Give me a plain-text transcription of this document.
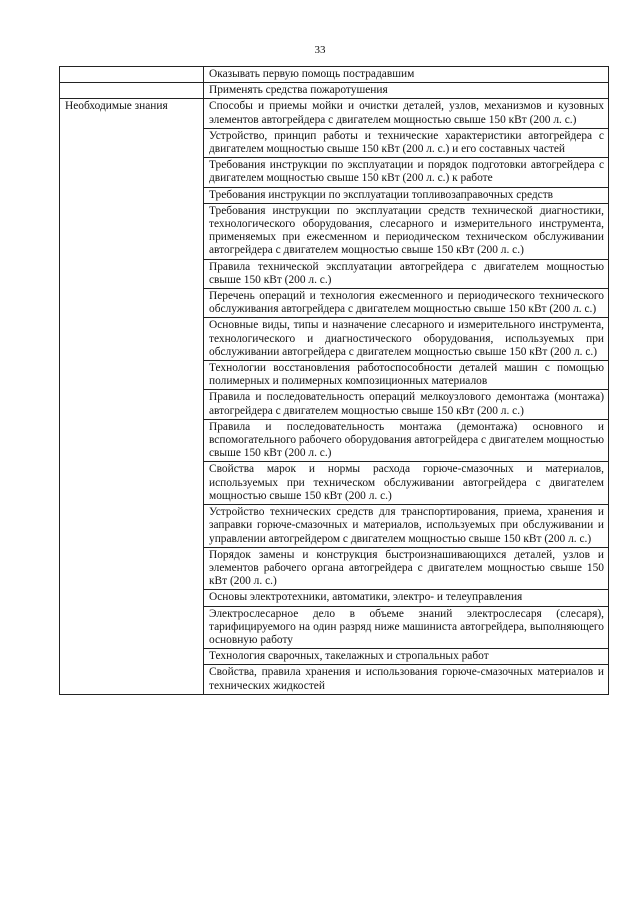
33
	Оказывать первую помощь пострадавшим
	Применять средства пожаротушения
Необходимые знания	Способы и приемы мойки и очистки деталей, узлов, механизмов и кузовных элементов автогрейдера с двигателем мощностью свыше 150 кВт (200 л. с.)
	Устройство, принцип работы и технические характеристики автогрейдера с двигателем мощностью свыше 150 кВт (200 л. с.) и его составных частей
	Требования инструкции по эксплуатации и порядок подготовки автогрейдера с двигателем мощностью свыше 150 кВт (200 л. с.) к работе
	Требования инструкции по эксплуатации топливозаправочных средств
	Требования инструкции по эксплуатации средств технической диагностики, технологического оборудования, слесарного и измерительного инструмента, применяемых при ежесменном и периодическом техническом обслуживании автогрейдера с двигателем мощностью свыше 150 кВт (200 л. с.)
	Правила технической эксплуатации автогрейдера с двигателем мощностью свыше 150 кВт (200 л. с.)
	Перечень операций и технология ежесменного и периодического технического обслуживания автогрейдера с двигателем мощностью свыше 150 кВт (200 л. с.)
	Основные виды, типы и назначение слесарного и измерительного инструмента, технологического и диагностического оборудования, используемых при обслуживании автогрейдера с двигателем мощностью свыше 150 кВт (200 л. с.)
	Технологии восстановления работоспособности деталей машин с помощью полимерных и полимерных композиционных материалов
	Правила и последовательность операций мелкоузлового демонтажа (монтажа) автогрейдера с двигателем мощностью свыше 150 кВт (200 л. с.)
	Правила и последовательность монтажа (демонтажа) основного и вспомогательного рабочего оборудования автогрейдера с двигателем мощностью свыше 150 кВт (200 л. с.)
	Свойства марок и нормы расхода горюче-смазочных и материалов, используемых при техническом обслуживании автогрейдера с двигателем мощностью свыше 150 кВт (200 л. с.)
	Устройство технических средств для транспортирования, приема, хранения и заправки горюче-смазочных и материалов, используемых при обслуживании и управлении автогрейдером с двигателем мощностью свыше 150 кВт (200 л. с.)
	Порядок замены и конструкция быстроизнашивающихся деталей, узлов и элементов рабочего органа автогрейдера с двигателем мощностью свыше 150 кВт (200 л. с.)
	Основы электротехники, автоматики, электро- и телеуправления
	Электрослесарное дело в объеме знаний электрослесаря (слесаря), тарифицируемого на один разряд ниже машиниста автогрейдера, выполняющего основную работу
	Технология сварочных, такелажных и стропальных работ
	Свойства, правила хранения и использования горюче-смазочных материалов и технических жидкостей
